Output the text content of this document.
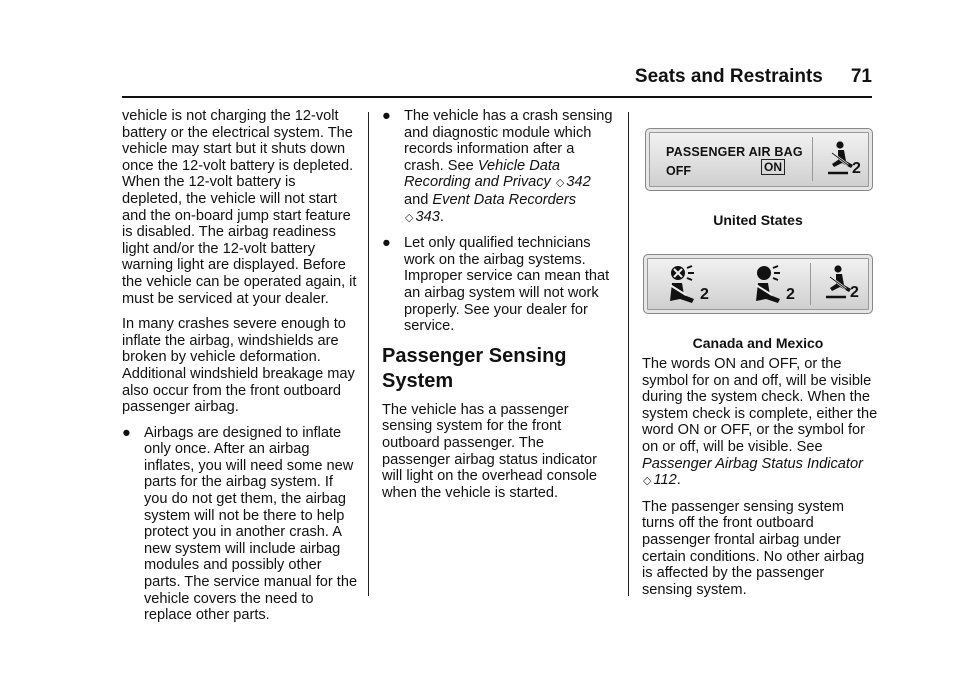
Seats and Restraints 71

vehicle is not charging the 12-volt battery or the electrical system. The vehicle may start but it shuts down once the 12-volt battery is depleted. When the 12-volt battery is depleted, the vehicle will not start and the on-board jump start feature is disabled. The airbag readiness light and/or the 12-volt battery warning light are displayed. Before the vehicle can be operated again, it must be serviced at your dealer.

In many crashes severe enough to inflate the airbag, windshields are broken by vehicle deformation. Additional windshield breakage may also occur from the front outboard passenger airbag.

● Airbags are designed to inflate only once. After an airbag inflates, you will need some new parts for the airbag system. If you do not get them, the airbag system will not be there to help protect you in another crash. A new system will include airbag modules and possibly other parts. The service manual for the vehicle covers the need to replace other parts.
● The vehicle has a crash sensing and diagnostic module which records information after a crash. See Vehicle Data Recording and Privacy ◇ 342 and Event Data Recorders ◇ 343.
● Let only qualified technicians work on the airbag systems. Improper service can mean that an airbag system will not work properly. See your dealer for service.
Passenger Sensing System

The vehicle has a passenger sensing system for the front outboard passenger. The passenger airbag status indicator will light on the overhead console when the vehicle is started.

PASSENGER AIR BAG
OFF	ON	2
United States
2	2	2
Canada and Mexico

The words ON and OFF, or the symbol for on and off, will be visible during the system check. When the system check is complete, either the word ON or OFF, or the symbol for on or off, will be visible. See Passenger Airbag Status Indicator ◇ 112.

The passenger sensing system turns off the front outboard passenger frontal airbag under certain conditions. No other airbag is affected by the passenger sensing system.
